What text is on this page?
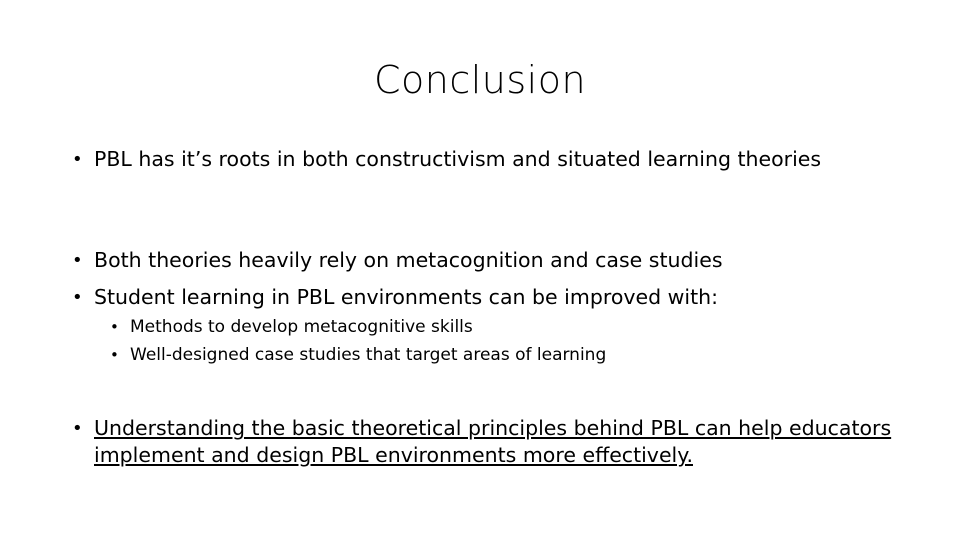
Conclusion
• PBL has it’s roots in both constructivism and situated learning theories
• Both theories heavily rely on metacognition and case studies
• Student learning in PBL environments can be improved with:
• Methods to develop metacognitive skills
• Well-designed case studies that target areas of learning
• Understanding the basic theoretical principles behind PBL can help educators implement and design PBL environments more effectively.
